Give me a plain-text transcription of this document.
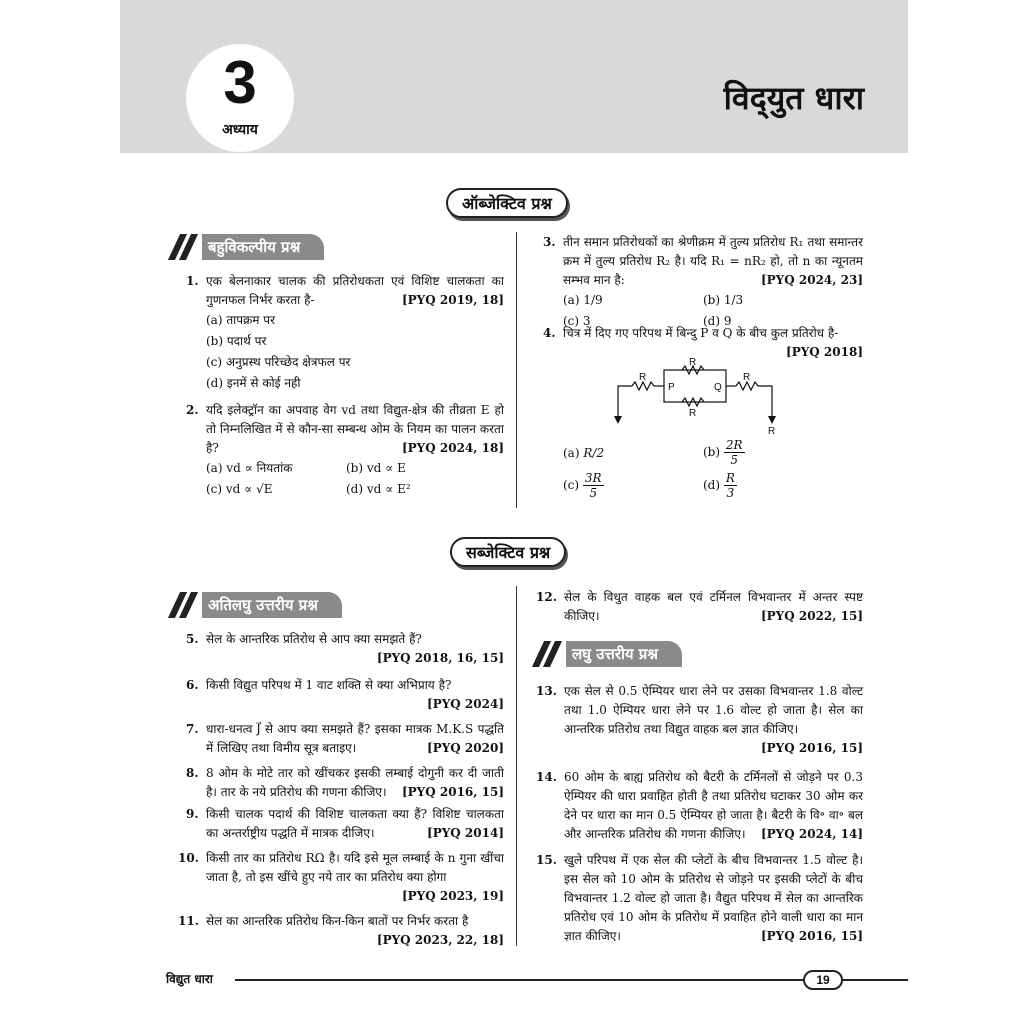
3
अध्याय
विद्‍युत धारा
ऑब्जेक्टिव प्रश्न
बहुविकल्पीय प्रश्न
1. एक बेलनाकार चालक की प्रतिरोधकता एवं विशिष्ट चालकता का गुणनफल निर्भर करता है-	[PYQ 2019, 18]
(a) तापक्रम पर
(b) पदार्थ पर
(c) अनुप्रस्थ परिच्छेद क्षेत्रफल पर
(d) इनमें से कोई नही
2. यदि इलेक्ट्रॉन का अपवाह वेग vd तथा विद्युत-क्षेत्र की तीव्रता E हो तो निम्नलिखित में से कौन-सा सम्बन्ध ओम के नियम का पालन करता है?	[PYQ 2024, 18]
(a) vd ∝ नियतांक	(b) vd ∝ E
(c) vd ∝ √E	(d) vd ∝ E²
3. तीन समान प्रतिरोधकों का श्रेणीक्रम में तुल्य प्रतिरोध R₁ तथा समान्तर क्रम में तुल्य प्रतिरोध R₂ है। यदि R₁ = nR₂ हो, तो n का न्यूनतम सम्भव मान है:	[PYQ 2024, 23]
(a) 1/9	(b) 1/3
(c) 3	(d) 9
4. चित्र में दिए गए परिपथ में बिन्दु P व Q के बीच कुल प्रतिरोध है-
[PYQ 2018]
R
R
R
R
R
P	Q
(a) R/2	$(b) \frac{2R}{5}$
$(c) \frac{3R}{5}$	$(d) \frac{R}{3}$
सब्जेक्टिव प्रश्न
अतिलघु उत्तरीय प्रश्न
5. सेल के आन्तरिक प्रतिरोध से आप क्या समझते हैं?

[PYQ 2018, 16, 15]
6. किसी विद्युत परिपथ में 1 वाट शक्ति से क्या अभिप्राय है?

[PYQ 2024]
7. धारा-धनत्व J⃗ से आप क्या समझते हैं? इसका मात्रक M.K.S पद्धति में लिखिए तथा विमीय सूत्र बताइए।	[PYQ 2020]
8. 8 ओम के मोटे तार को खींचकर इसकी लम्बाई दोगुनी कर दी जाती है। तार के नये प्रतिरोध की गणना कीजिए। [PYQ 2016, 15]
9. किसी चालक पदार्थ की विशिष्ट चालकता क्या हैं? विशिष्ट चालकता का अन्तर्राष्ट्रीय पद्धति में मात्रक दीजिए।	[PYQ 2014]
10. किसी तार का प्रतिरोध RΩ है। यदि इसे मूल लम्बाई के n गुना खींचा जाता है, तो इस खींचे हुए नये तार का प्रतिरोध क्या होगा

[PYQ 2023, 19]
11. सेल का आन्तरिक प्रतिरोध किन-किन बातों पर निर्भर करता है

[PYQ 2023, 22, 18]
12. सेल के विधुत वाहक बल एवं टर्मिनल विभवान्तर में अन्तर स्पष्ट कीजिए।	[PYQ 2022, 15]
लघु उत्तरीय प्रश्न
13. एक सेल से 0.5 ऐम्पियर धारा लेने पर उसका विभवान्तर 1.8 वोल्ट तथा 1.0 ऐम्पियर धारा लेने पर 1.6 वोल्ट हो जाता है। सेल का आन्तरिक प्रतिरोध तथा विद्युत वाहक बल ज्ञात कीजिए।

[PYQ 2016, 15]
14. 60 ओम के बाह्य प्रतिरोध को बैटरी के टर्मिनलों से जोड़ने पर 0.3 ऐम्पियर की धारा प्रवाहित होती है तथा प्रतिरोध घटाकर 30 ओम कर देने पर धारा का मान 0.5 ऐम्पियर हो जाता है। बैटरी के वि॰ वा॰ बल और आन्तरिक प्रतिरोध की गणना कीजिए। [PYQ 2024, 14]
15. खुले परिपथ में एक सेल की प्लेटों के बीच विभवान्तर 1.5 वोल्ट है। इस सेल को 10 ओम के प्रतिरोध से जोड़ने पर इसकी प्लेटों के बीच विभवान्तर 1.2 वोल्ट हो जाता है। वैद्युत परिपथ में सेल का आन्तरिक प्रतिरोध एवं 10 ओम के प्रतिरोध में प्रवाहित होने वाली धारा का मान ज्ञात कीजिए।	[PYQ 2016, 15]
विद्युत धारा	19
